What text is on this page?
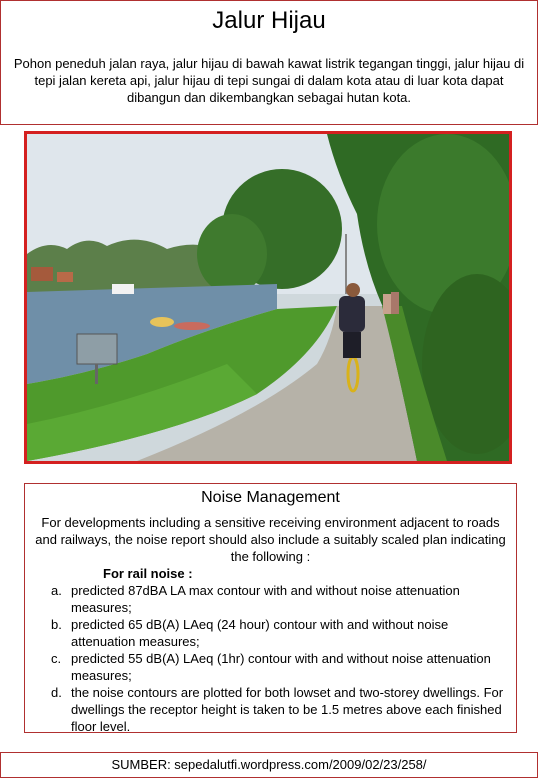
Jalur Hijau
Pohon peneduh jalan raya, jalur hijau di bawah kawat listrik tegangan tinggi, jalur hijau di tepi jalan kereta api, jalur hijau di tepi sungai di dalam kota atau di luar kota dapat dibangun dan dikembangkan sebagai hutan kota.
Noise Management
For developments including a sensitive receiving environment adjacent to roads and railways, the noise report should also include a suitably scaled plan indicating the following :
For rail noise :
a. predicted 87dBA LA max contour with and without noise attenuation measures;
b. predicted 65 dB(A) LAeq (24 hour) contour with and without noise attenuation measures;
c. predicted 55 dB(A) LAeq (1hr) contour with and without noise attenuation measures;
d. the noise contours are plotted for both lowset and two-storey dwellings. For dwellings the receptor height is taken to be 1.5 metres above each finished floor level.
SUMBER: sepedalutfi.wordpress.com/2009/02/23/258/
